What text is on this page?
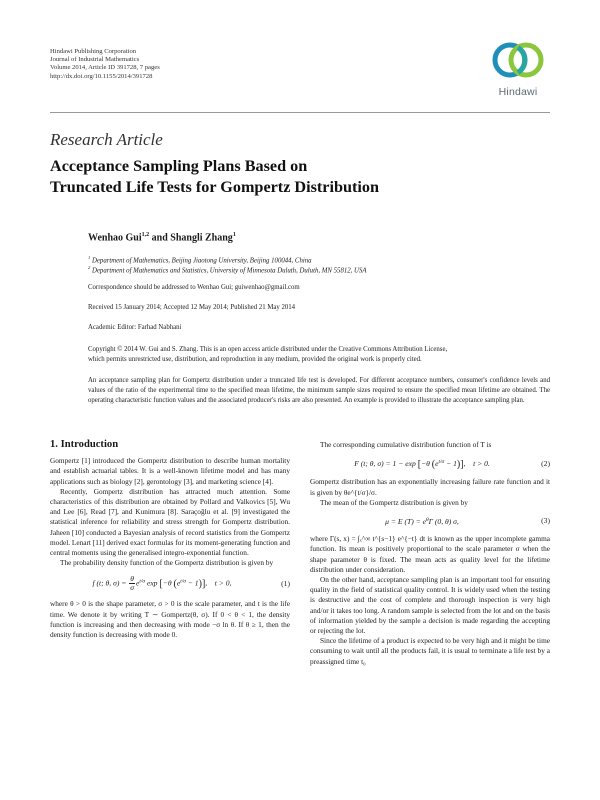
Hindawi Publishing Corporation
Journal of Industrial Mathematics
Volume 2014, Article ID 391728, 7 pages
http://dx.doi.org/10.1155/2014/391728
Hindawi
Research Article
Acceptance Sampling Plans Based on
Truncated Life Tests for Gompertz Distribution
Wenhao Gui$^{1,2}$ and Shangli Zhang$^1$
$^1$ Department of Mathematics, Beijing Jiaotong University, Beijing 100044, China
$^2$ Department of Mathematics and Statistics, University of Minnesota Duluth, Duluth, MN 55812, USA
Correspondence should be addressed to Wenhao Gui; guiwenhao@gmail.com
Received 15 January 2014; Accepted 12 May 2014; Published 21 May 2014
Academic Editor: Farhad Nabhani
Copyright © 2014 W. Gui and S. Zhang. This is an open access article distributed under the Creative Commons Attribution License,
which permits unrestricted use, distribution, and reproduction in any medium, provided the original work is properly cited.
An acceptance sampling plan for Gompertz distribution under a truncated life test is developed. For different acceptance numbers, consumer's confidence levels and values of the ratio of the experimental time to the specified mean lifetime, the minimum sample sizes required to ensure the specified mean lifetime are obtained. The operating characteristic function values and the associated producer's risks are also presented. An example is provided to illustrate the acceptance sampling plan.
1. Introduction

Gompertz [1] introduced the Gompertz distribution to describe human mortality and establish actuarial tables. It is a well-known lifetime model and has many applications such as biology [2], gerontology [3], and marketing science [4].

Recently, Gompertz distribution has attracted much attention. Some characteristics of this distribution are obtained by Pollard and Valkovics [5], Wu and Lee [6], Read [7], and Kunimura [8]. Saraçoğlu et al. [9] investigated the statistical inference for reliability and stress strength for Gompertz distribution. Jaheen [10] conducted a Bayesian analysis of record statistics from the Gompertz model. Lenart [11] derived exact formulas for its moment-generating function and central moments using the generalised integro-exponential function.

The probability density function of the Gompertz distribution is given by

f (t; θ, $\sigma) = \frac{\theta}{\sigma} e^{t/\sigma}$ exp [−θ $(e^{t/\sigma} - 1)$],    t > 0,	(1)

where θ > 0 is the shape parameter, σ > 0 is the scale parameter, and t is the life time. We denote it by writing T ∼ Gompertz(θ, σ). If 0 < θ < 1, the density function is increasing and then decreasing with mode −σ ln θ. If θ ≥ 1, then the density function is decreasing with mode 0.

The corresponding cumulative distribution function of T is

F (t; θ, σ) = 1 − exp [−θ $(e^{t/\sigma} - 1)$],    t > 0.	(2)

Gompertz distribution has an exponentially increasing failure rate function and it is given by θe^{t/σ}/σ.

The mean of the Gompertz distribution is given by

μ = E $(T) = e^\theta\Gamma$ (0, θ) σ,	(3)

where Γ(s, x) = ∫ₓ^∞ t^{s−1} e^{−t} dt is known as the upper incomplete gamma function. Its mean is positively proportional to the scale parameter σ when the shape parameter θ is fixed. The mean acts as quality level for the lifetime distribution under consideration.

On the other hand, acceptance sampling plan is an important tool for ensuring quality in the field of statistical quality control. It is widely used when the testing is destructive and the cost of complete and thorough inspection is very high and/or it takes too long. A random sample is selected from the lot and on the basis of information yielded by the sample a decision is made regarding the accepting or rejecting the lot.

Since the lifetime of a product is expected to be very high and it might be time consuming to wait until all the products fail, it is usual to terminate a life test by a preassigned time t₀
